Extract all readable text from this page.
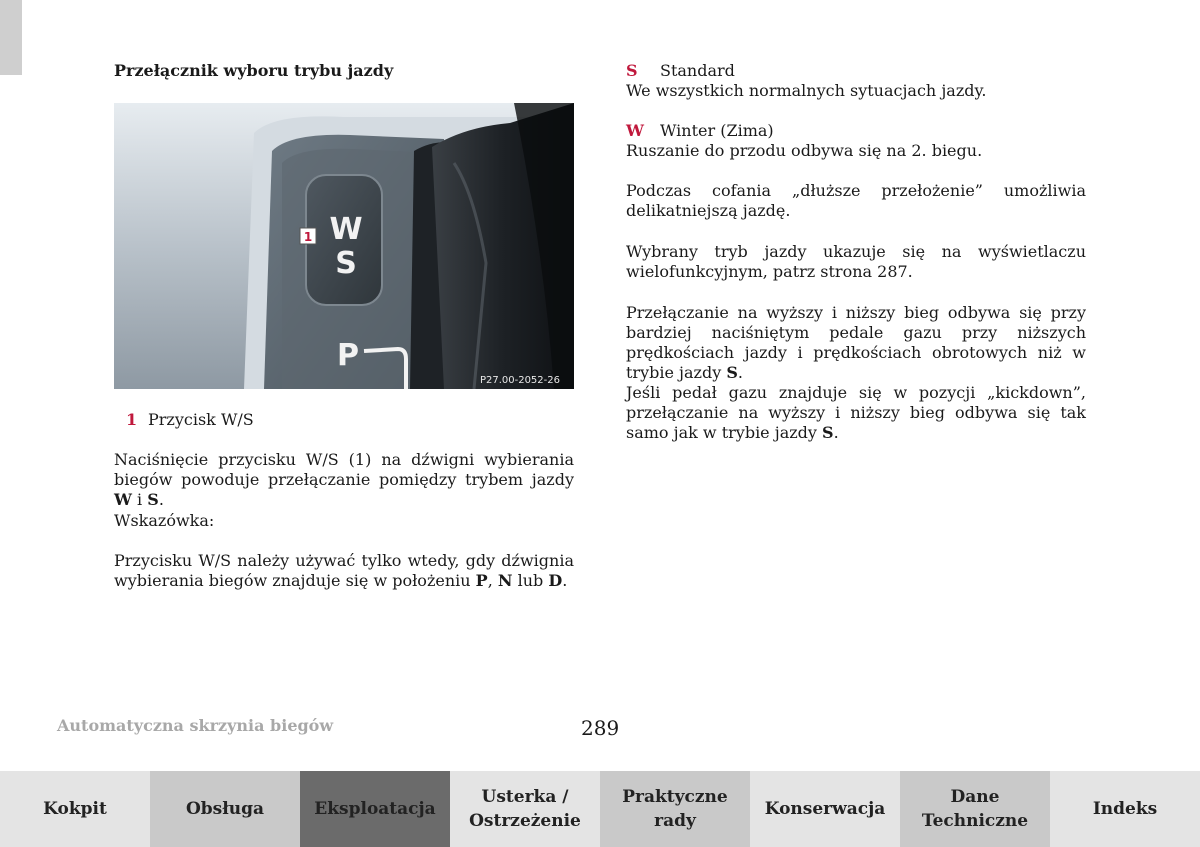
Przełącznik wyboru trybu jazdy
W
S
1
P
P27.00-2052-26
1 Przycisk W/S

Naciśnięcie przycisku W/S (1) na dźwigni wybierania biegów powoduje przełączanie pomiędzy trybem jazdy W i S.

Wskazówka:

Przycisku W/S należy używać tylko wtedy, gdy dźwignia wybierania biegów znajduje się w położeniu P, N lub D.

S Standard

We wszystkich normalnych sytuacjach jazdy.

W Winter (Zima)

Ruszanie do przodu odbywa się na 2. biegu.

Podczas cofania „dłuższe przełożenie” umożliwia delikatniejszą jazdę.
Wybrany tryb jazdy ukazuje się na wyświetlaczu wielofunkcyjnym, patrz strona 287.

Przełączanie na wyższy i niższy bieg odbywa się przy bardziej naciśniętym pedale gazu przy niższych prędkościach jazdy i prędkościach obrotowych niż w trybie jazdy S.

Jeśli pedał gazu znajduje się w pozycji „kickdown”, przełączanie na wyższy i niższy bieg odbywa się tak samo jak w trybie jazdy S.

Automatyczna skrzynia biegów	289
Kokpit	Obsługa	Eksploatacja
Usterka /
Ostrzeżenie
Praktyczne
rady
Konserwacja
Dane
Techniczne
Indeks
